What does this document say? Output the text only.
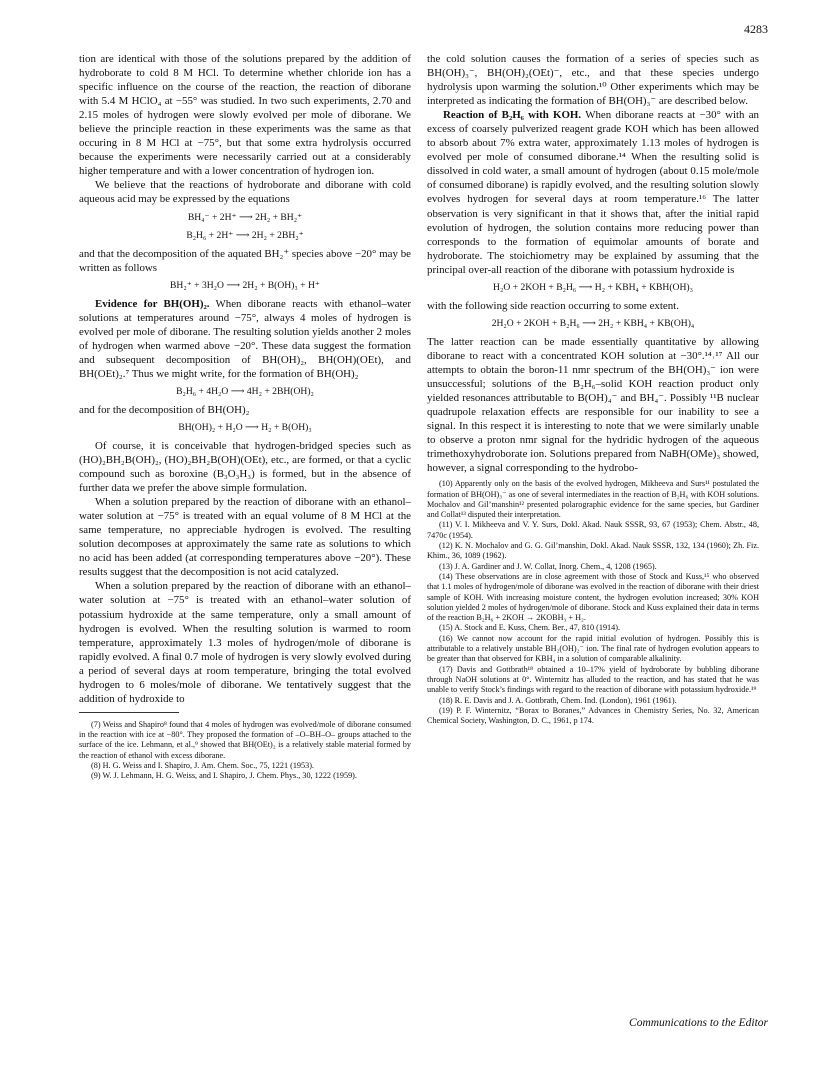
4283

tion are identical with those of the solutions prepared by the addition of hydroborate to cold 8 M HCl. To determine whether chloride ion has a specific influence on the course of the reaction, the reaction of diborane with 5.4 M HClO₄ at −55° was studied. In two such experiments, 2.70 and 2.15 moles of hydrogen were slowly evolved per mole of diborane. We believe the principle reaction in these experiments was the same as that occuring in 8 M HCl at −75°, but that some extra hydrolysis occurred because the experiments were necessarily carried out at a considerably higher temperature and with a lower concentration of hydrogen ion.

We believe that the reactions of hydroborate and diborane with cold aqueous acid may be expressed by the equations

BH₄⁻ + 2H⁺ ⟶ 2H₂ + BH₂⁺
B₂H₆ + 2H⁺ ⟶ 2H₂ + 2BH₂⁺

and that the decomposition of the aquated BH₂⁺ species above −20° may be written as follows

BH₂⁺ + 3H₂O ⟶ 2H₂ + B(OH)₃ + H⁺

Evidence for BH(OH)₂. When diborane reacts with ethanol–water solutions at temperatures around −75°, always 4 moles of hydrogen is evolved per mole of diborane. The resulting solution yields another 2 moles of hydrogen when warmed above −20°. These data suggest the formation and subsequent decomposition of BH(OH)₂, BH(OH)(OEt), and BH(OEt)₂.⁷ Thus we might write, for the formation of BH(OH)₂

B₂H₆ + 4H₂O ⟶ 4H₂ + 2BH(OH)₂

and for the decomposition of BH(OH)₂

BH(OH)₂ + H₂O ⟶ H₂ + B(OH)₃

Of course, it is conceivable that hydrogen-bridged species such as (HO)₂BH₂B(OH)₂, (HO)₂BH₂B(OH)(OEt), etc., are formed, or that a cyclic compound such as boroxine (B₃O₃H₃) is formed, but in the absence of further data we prefer the above simple formulation.

When a solution prepared by the reaction of diborane with an ethanol–water solution at −75° is treated with an equal volume of 8 M HCl at the same temperature, no appreciable hydrogen is evolved. The resulting solution decomposes at approximately the same rate as solutions to which no acid has been added (at corresponding temperatures above −20°). These results suggest that the decomposition is not acid catalyzed.

When a solution prepared by the reaction of diborane with an ethanol–water solution at −75° is treated with an ethanol–water solution of potassium hydroxide at the same temperature, only a small amount of hydrogen is evolved. When the resulting solution is warmed to room temperature, approximately 1.3 moles of hydrogen/mole of diborane is rapidly evolved. A final 0.7 mole of hydrogen is very slowly evolved during a period of several days at room temperature, bringing the total evolved hydrogen to 6 moles/mole of diborane. We tentatively suggest that the addition of hydroxide to

(7) Weiss and Shapiro⁸ found that 4 moles of hydrogen was evolved/mole of diborane consumed in the reaction with ice at −80°. They proposed the formation of –O–BH–O– groups attached to the surface of the ice. Lehmann, et al.,⁹ showed that BH(OEt)₂ is a relatively stable material formed by the reaction of ethanol with excess diborane.

(8) H. G. Weiss and I. Shapiro, J. Am. Chem. Soc., 75, 1221 (1953).

(9) W. J. Lehmann, H. G. Weiss, and I. Shapiro, J. Chem. Phys., 30, 1222 (1959).

the cold solution causes the formation of a series of species such as BH(OH)₃⁻, BH(OH)₂(OEt)⁻, etc., and that these species undergo hydrolysis upon warming the solution.¹⁰ Other experiments which may be interpreted as indicating the formation of BH(OH)₃⁻ are described below.

Reaction of B₂H₆ with KOH. When diborane reacts at −30° with an excess of coarsely pulverized reagent grade KOH which has been allowed to absorb about 7% extra water, approximately 1.13 moles of hydrogen is evolved per mole of consumed diborane.¹⁴ When the resulting solid is dissolved in cold water, a small amount of hydrogen (about 0.15 mole/mole of consumed diborane) is rapidly evolved, and the resulting solution slowly evolves hydrogen for several days at room temperature.¹⁶ The latter observation is very significant in that it shows that, after the initial rapid evolution of hydrogen, the solution contains more reducing power than corresponds to the formation of equimolar amounts of borate and hydroborate. The stoichiometry may be explained by assuming that the principal over-all reaction of the diborane with potassium hydroxide is

H₂O + 2KOH + B₂H₆ ⟶ H₂ + KBH₄ + KBH(OH)₃

with the following side reaction occurring to some extent.

2H₂O + 2KOH + B₂H₆ ⟶ 2H₂ + KBH₄ + KB(OH)₄

The latter reaction can be made essentially quantitative by allowing diborane to react with a concentrated KOH solution at −30°.¹⁴˒¹⁷ All our attempts to obtain the boron-11 nmr spectrum of the BH(OH)₃⁻ ion were unsuccessful; solutions of the B₂H₆–solid KOH reaction product only yielded resonances attributable to B(OH)₄⁻ and BH₄⁻. Possibly ¹¹B nuclear quadrupole relaxation effects are responsible for our inability to see a signal. In this respect it is interesting to note that we were similarly unable to observe a proton nmr signal for the hydridic hydrogen of the aqueous trimethoxyhydroborate ion. Solutions prepared from NaBH(OMe)₃ showed, however, a signal corresponding to the hydrobo-

(10) Apparently only on the basis of the evolved hydrogen, Mikheeva and Surs¹¹ postulated the formation of BH(OH)₃⁻ as one of several intermediates in the reaction of B₂H₆ with KOH solutions. Mochalov and Gil’manshin¹² presented polarographic evidence for the same species, but Gardiner and Collat¹³ disputed their interpretation.

(11) V. I. Mikheeva and V. Y. Surs, Dokl. Akad. Nauk SSSR, 93, 67 (1953); Chem. Abstr., 48, 7470c (1954).

(12) K. N. Mochalov and G. G. Gil’manshin, Dokl. Akad. Nauk SSSR, 132, 134 (1960); Zh. Fiz. Khim., 36, 1089 (1962).

(13) J. A. Gardiner and J. W. Collat, Inorg. Chem., 4, 1208 (1965).

(14) These observations are in close agreement with those of Stock and Kuss,¹⁵ who observed that 1.1 moles of hydrogen/mole of diborane was evolved in the reaction of diborane with their driest sample of KOH. With increasing moisture content, the hydrogen evolution increased; 30% KOH solution yielded 2 moles of hydrogen/mole of diborane. Stock and Kuss explained their data in terms of the reaction B₂H₆ + 2KOH → 2KOBH₃ + H₂.

(15) A. Stock and E. Kuss, Chem. Ber., 47, 810 (1914).

(16) We cannot now account for the rapid initial evolution of hydrogen. Possibly this is attributable to a relatively unstable BH₂(OH)₂⁻ ion. The final rate of hydrogen evolution appears to be greater than that observed for KBH₄ in a solution of comparable alkalinity.

(17) Davis and Gottbrath¹⁸ obtained a 10–17% yield of hydroborate by bubbling diborane through NaOH solutions at 0°. Winternitz has alluded to the reaction, and has stated that he was unable to verify Stock’s findings with regard to the reaction of diborane with potassium hydroxide.¹⁹

(18) R. E. Davis and J. A. Gottbrath, Chem. Ind. (London), 1961 (1961).

(19) P. F. Winternitz, “Borax to Boranes,” Advances in Chemistry Series, No. 32, American Chemical Society, Washington, D. C., 1961, p 174.

Communications to the Editor
